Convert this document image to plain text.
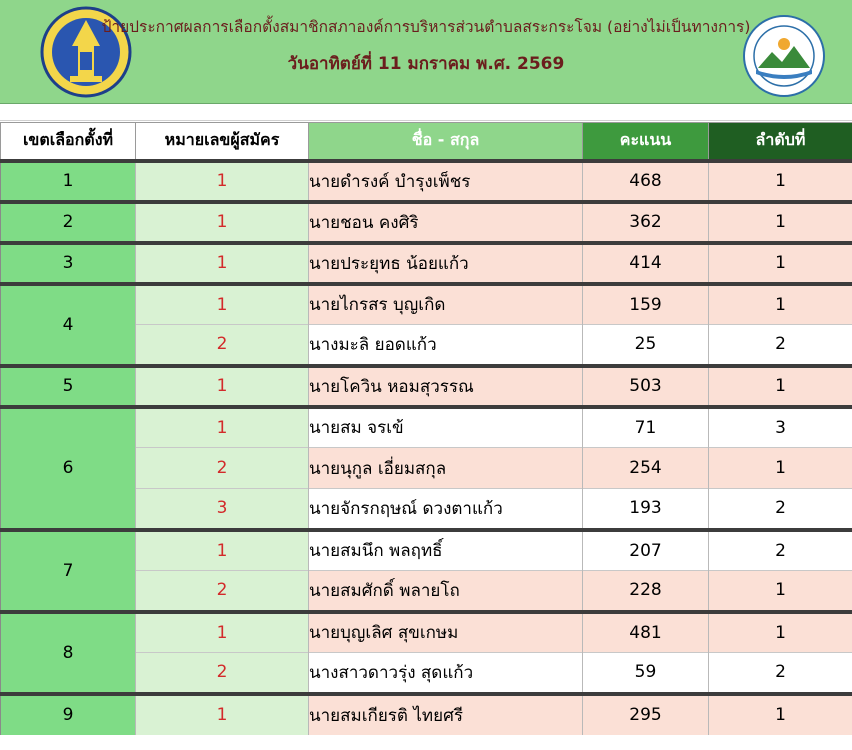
ป้ายประกาศผลการเลือกตั้งสมาชิกสภาองค์การบริหารส่วนตำบลสระกระโจม (อย่างไม่เป็นทางการ)
วันอาทิตย์ที่ 11 มกราคม พ.ศ. 2569
เขตเลือกตั้งที่	หมายเลขผู้สมัคร	ชื่อ - สกุล	คะแนน	ลำดับที่
1	1	นายดำรงค์ บำรุงเพ็ชร	468	1
2	1	นายชอน คงศิริ	362	1
3	1	นายประยุทธ น้อยแก้ว	414	1
4	1	นายไกรสร บุญเกิด	159	1
	2	นางมะลิ ยอดแก้ว	25	2
5	1	นายโควิน หอมสุวรรณ	503	1
6	1	นายสม จรเข้	71	3
	2	นายนุกูล เอี่ยมสกุล	254	1
	3	นายจักรกฤษณ์ ดวงตาแก้ว	193	2
7	1	นายสมนึก พลฤทธิ์	207	2
	2	นายสมศักดิ์ พลายโถ	228	1
8	1	นายบุญเลิศ สุขเกษม	481	1
	2	นางสาวดาวรุ่ง สุดแก้ว	59	2
9	1	นายสมเกียรติ ไทยศรี	295	1
